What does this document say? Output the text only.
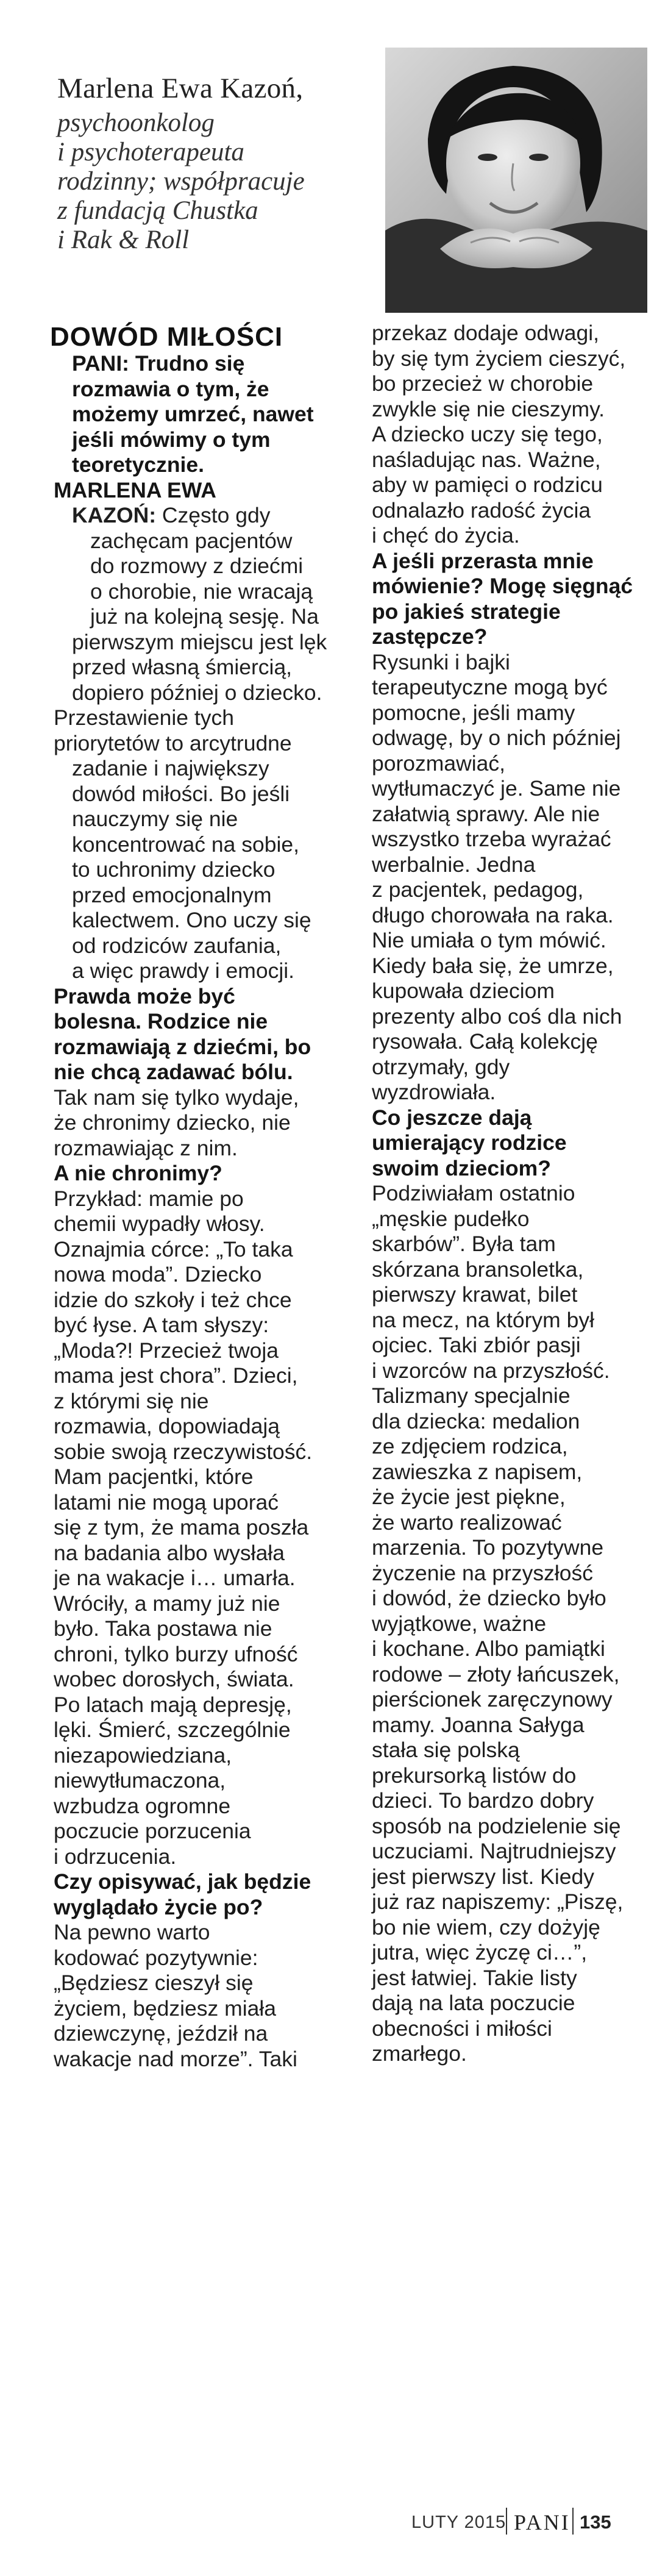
Marlena Ewa Kazoń,
psychoonkolog
i psychoterapeuta
rodzinny; współpracuje
z fundacją Chustka
i Rak & Roll
DOWÓD MIŁOŚCI
PANI: Trudno się
rozmawia o tym, że
możemy umrzeć, nawet
jeśli mówimy o tym
teoretycznie.
MARLENA EWA
KAZOŃ: Często gdy
zachęcam pacjentów
do rozmowy z dziećmi
o chorobie, nie wracają
już na kolejną sesję. Na
pierwszym miejscu jest lęk
przed własną śmiercią,
dopiero później o dziecko.
Przestawienie tych
priorytetów to arcytrudne
zadanie i największy
dowód miłości. Bo jeśli
nauczymy się nie
koncentrować na sobie,
to uchronimy dziecko
przed emocjonalnym
kalectwem. Ono uczy się
od rodziców zaufania,
a więc prawdy i emocji.
Prawda może być
bolesna. Rodzice nie
rozmawiają z dziećmi, bo
nie chcą zadawać bólu.
Tak nam się tylko wydaje,
że chronimy dziecko, nie
rozmawiając z nim.
A nie chronimy?
Przykład: mamie po
chemii wypadły włosy.
Oznajmia córce: „To taka
nowa moda”. Dziecko
idzie do szkoły i też chce
być łyse. A tam słyszy:
„Moda?! Przecież twoja
mama jest chora”. Dzieci,
z którymi się nie
rozmawia, dopowiadają
sobie swoją rzeczywistość.
Mam pacjentki, które
latami nie mogą uporać
się z tym, że mama poszła
na badania albo wysłała
je na wakacje i… umarła.
Wróciły, a mamy już nie
było. Taka postawa nie
chroni, tylko burzy ufność
wobec dorosłych, świata.
Po latach mają depresję,
lęki. Śmierć, szczególnie
niezapowiedziana,
niewytłumaczona,
wzbudza ogromne
poczucie porzucenia
i odrzucenia.
Czy opisywać, jak będzie
wyglądało życie po?
Na pewno warto
kodować pozytywnie:
„Będziesz cieszył się
życiem, będziesz miała
dziewczynę, jeździł na
wakacje nad morze”. Taki
przekaz dodaje odwagi,
by się tym życiem cieszyć,
bo przecież w chorobie
zwykle się nie cieszymy.
A dziecko uczy się tego,
naśladując nas. Ważne,
aby w pamięci o rodzicu
odnalazło radość życia
i chęć do życia.
A jeśli przerasta mnie
mówienie? Mogę sięgnąć
po jakieś strategie
zastępcze?
Rysunki i bajki
terapeutyczne mogą być
pomocne, jeśli mamy
odwagę, by o nich później
porozmawiać,
wytłumaczyć je. Same nie
załatwią sprawy. Ale nie
wszystko trzeba wyrażać
werbalnie. Jedna
z pacjentek, pedagog,
długo chorowała na raka.
Nie umiała o tym mówić.
Kiedy bała się, że umrze,
kupowała dzieciom
prezenty albo coś dla nich
rysowała. Całą kolekcję
otrzymały, gdy
wyzdrowiała.
Co jeszcze dają
umierający rodzice
swoim dzieciom?
Podziwiałam ostatnio
„męskie pudełko
skarbów”. Była tam
skórzana bransoletka,
pierwszy krawat, bilet
na mecz, na którym był
ojciec. Taki zbiór pasji
i wzorców na przyszłość.
Talizmany specjalnie
dla dziecka: medalion
ze zdjęciem rodzica,
zawieszka z napisem,
że życie jest piękne,
że warto realizować
marzenia. To pozytywne
życzenie na przyszłość
i dowód, że dziecko było
wyjątkowe, ważne
i kochane. Albo pamiątki
rodowe – złoty łańcuszek,
pierścionek zaręczynowy
mamy. Joanna Sałyga
stała się polską
prekursorką listów do
dzieci. To bardzo dobry
sposób na podzielenie się
uczuciami. Najtrudniejszy
jest pierwszy list. Kiedy
już raz napiszemy: „Piszę,
bo nie wiem, czy dożyję
jutra, więc życzę ci…”,
jest łatwiej. Takie listy
dają na lata poczucie
obecności i miłości
zmarłego.
LUTY 2015 PANI 135
